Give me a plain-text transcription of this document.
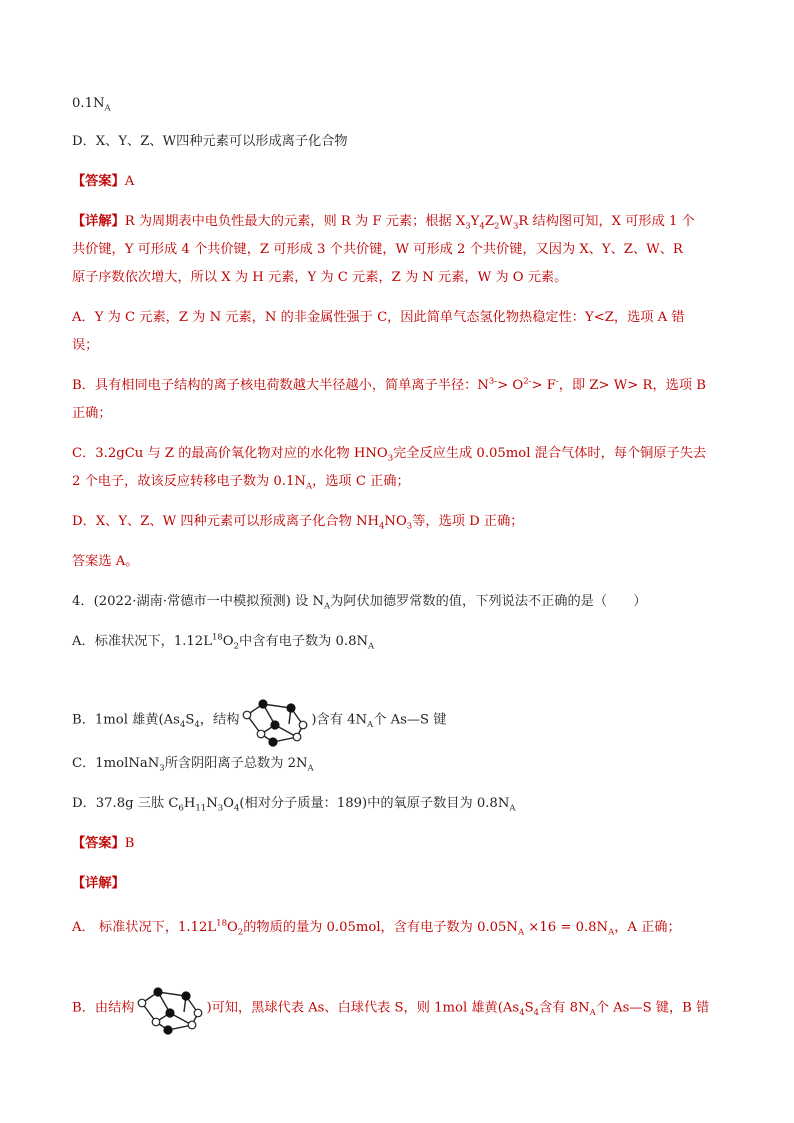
$0.1N_A$
D．X、Y、Z、W四种元素可以形成离子化合物
【答案】A
【详解】R 为周期表中电负性最大的元素，则 R 为 F 元素；根据 $X_3Y_4Z_2W_3R$ 结构图可知，X 可形成 1 个
共价键，Y 可形成 4 个共价键，Z 可形成 3 个共价键，W 可形成 2 个共价键，又因为 X、Y、Z、W、R
原子序数依次增大，所以 X 为 H 元素，Y 为 C 元素，Z 为 N 元素，W 为 O 元素。
A．Y 为 C 元素，Z 为 N 元素，N 的非金属性强于 C，因此简单气态氢化物热稳定性：Y<Z，选项 A 错
误；
B．具有相同电子结构的离子核电荷数越大半径越小，简单离子半径：$N^{3-}> O^{2-}> F^-$，即 Z> W> R，选项 B
正确；
C．3.2gCu 与 Z 的最高价氧化物对应的水化物 $HNO_3$完全反应生成 0.05mol 混合气体时，每个铜原子失去
2 个电子，故该反应转移电子数为 $0.1N_A$，选项 C 正确；
D．X、Y、Z、W 四种元素可以形成离子化合物 $NH_4NO_3$等，选项 D 正确；
答案选 A。
4．(2022·湖南·常德市一中模拟预测) 设 $N_A$为阿伏加德罗常数的值，下列说法不正确的是（　　）
A．标准状况下，$1.12L^{18}O_2$中含有电子数为 $0.8N_A$
B．1mol 雄黄($As_4S_4$，结构	)含有 $4N_A$个 As—S 键
C．1molNaN$_3$所含阴阳离子总数为 $2N_A$
D．37.8g 三肽 $C_6H_{11}N_3O_4$(相对分子质量：189)中的氧原子数目为 $0.8N_A$
【答案】B
【详解】
A． 标准状况下，$1.12L^{18}O_2$的物质的量为 0.05mol，含有电子数为 $0.05N_A \times 16 = 0.8N_A$，A 正确；
B．由结构	)可知，黑球代表 As、白球代表 S，则 1mol 雄黄($As_4S_4$含有 $8N_A$个 As—S 键，B 错
